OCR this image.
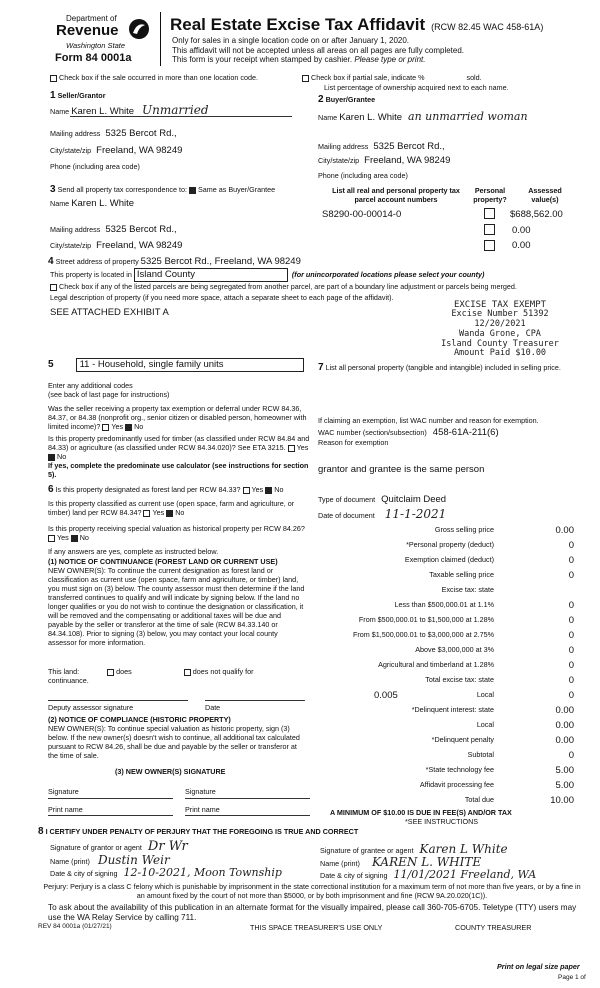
Department of
Revenue
Washington State
Form 84 0001a
Real Estate Excise Tax Affidavit (RCW 82.45 WAC 458-61A)
Only for sales in a single location code on or after January 1, 2020.
This affidavit will not be accepted unless all areas on all pages are fully completed.
This form is your receipt when stamped by cashier. Please type or print.
Check box if the sale occurred in more than one location code.	Check box if partial sale, indicate %	sold.
List percentage of ownership acquired next to each name.
1 Seller/Grantor
Name Karen L. White Unmarried
Mailing address 5325 Bercot Rd.,
City/state/zip Freeland, WA 98249
Phone (including area code)
2 Buyer/Grantee
Name Karen L. White an unmarried woman
Mailing address 5325 Bercot Rd.,
City/state/zip Freeland, WA 98249
Phone (including area code)
3 Send all property tax correspondence to: Same as Buyer/Grantee
Name Karen L. White
Mailing address 5325 Bercot Rd.,
City/state/zip Freeland, WA 98249
List all real and personal property tax parcel account numbers
Personal property?
Assessed value(s)
S8290-00-00014-0	$688,562.00
0.00
0.00
4 Street address of property 5325 Bercot Rd., Freeland, WA 98249
This property is located in Island County	(for unincorporated locations please select your county)
Check box if any of the listed parcels are being segregated from another parcel, are part of a boundary line adjustment or parcels being merged.
Legal description of property (if you need more space, attach a separate sheet to each page of the affidavit).
SEE ATTACHED EXHIBIT A
EXCISE TAX EXEMPT
Excise Number 51392
12/20/2021
Wanda Grone, CPA
Island County Treasurer
Amount Paid $10.00
5	11 - Household, single family units
Enter any additional codes
(see back of last page for instructions)
Was the seller receiving a property tax exemption or deferral under RCW 84.36, 84.37, or 84.38 (nonprofit org., senior citizen or disabled person, homeowner with limited income)? Yes No
Is this property predominantly used for timber (as classified under RCW 84.84 and 84.33) or agriculture (as classified under RCW 84.34.020)? See ETA 3215. Yes No
If yes, complete the predominate use calculator (see instructions for section 5).
6 Is this property designated as forest land per RCW 84.33? Yes No
Is this property classified as current use (open space, farm and agriculture, or timber) land per RCW 84.34? Yes No
Is this property receiving special valuation as historical property per RCW 84.26? Yes No
If any answers are yes, complete as instructed below.
(1) NOTICE OF CONTINUANCE (FOREST LAND OR CURRENT USE)
NEW OWNER(S): To continue the current designation as forest land or classification as current use (open space, farm and agriculture, or timber) land, you must sign on (3) below. The county assessor must then determine if the land transferred continues to qualify and will indicate by signing below. If the land no longer qualifies or you do not wish to continue the designation or classification, it will be removed and the compensating or additional taxes will be due and payable by the seller or transferor at the time of sale (RCW 84.33.140 or 84.34.108). Prior to signing (3) below, you may contact your local county assessor for more information.
This land:	does	does not qualify for
continuance.
Deputy assessor signature	Date
(2) NOTICE OF COMPLIANCE (HISTORIC PROPERTY)
NEW OWNER(S): To continue special valuation as historic property, sign (3) below. If the new owner(s) doesn't wish to continue, all additional tax calculated pursuant to RCW 84.26, shall be due and payable by the seller or transferor at the time of sale.
(3) NEW OWNER(S) SIGNATURE
Signature	Signature
Print name	Print name
7 List all personal property (tangible and intangible) included in selling price.
If claiming an exemption, list WAC number and reason for exemption.
WAC number (section/subsection) 458-61A-211(6)
Reason for exemption
grantor and grantee is the same person
Type of document Quitclaim Deed
Date of document 11-1-2021
Gross selling price	0.00
*Personal property (deduct)	0
Exemption claimed (deduct)	0
Taxable selling price	0
Excise tax: state
Less than $500,000.01 at 1.1%	0
From $500,000.01 to $1,500,000 at 1.28%	0
From $1,500,000.01 to $3,000,000 at 2.75%	0
Above $3,000,000 at 3%	0
Agricultural and timberland at 1.28%	0
Total excise tax: state	0
0.005	Local	0
*Delinquent interest: state	0.00
Local	0.00
*Delinquent penalty	0.00
Subtotal	0
*State technology fee	5.00
Affidavit processing fee	5.00
Total due	10.00
A MINIMUM OF $10.00 IS DUE IN FEE(S) AND/OR TAX
*SEE INSTRUCTIONS
8 I CERTIFY UNDER PENALTY OF PERJURY THAT THE FOREGOING IS TRUE AND CORRECT
Signature of grantor or agent Dr Wr
Name (print) Dustin Weir
Date & city of signing 12-10-2021, Moon Township
Signature of grantee or agent Karen L White
Name (print) KAREN L. WHITE
Date & city of signing 11/01/2021 Freeland, WA
Perjury: Perjury is a class C felony which is punishable by imprisonment in the state correctional institution for a maximum term of not more than five years, or by a fine in an amount fixed by the court of not more than $5000, or by both imprisonment and fine (RCW 9A.20.020(1C)).
To ask about the availability of this publication in an alternate format for the visually impaired, please call 360-705-6705. Teletype (TTY) users may use the WA Relay Service by calling 711.
REV 84 0001a (01/27/21)	THIS SPACE TREASURER'S USE ONLY	COUNTY TREASURER
Print on legal size paper
Page 1 of
